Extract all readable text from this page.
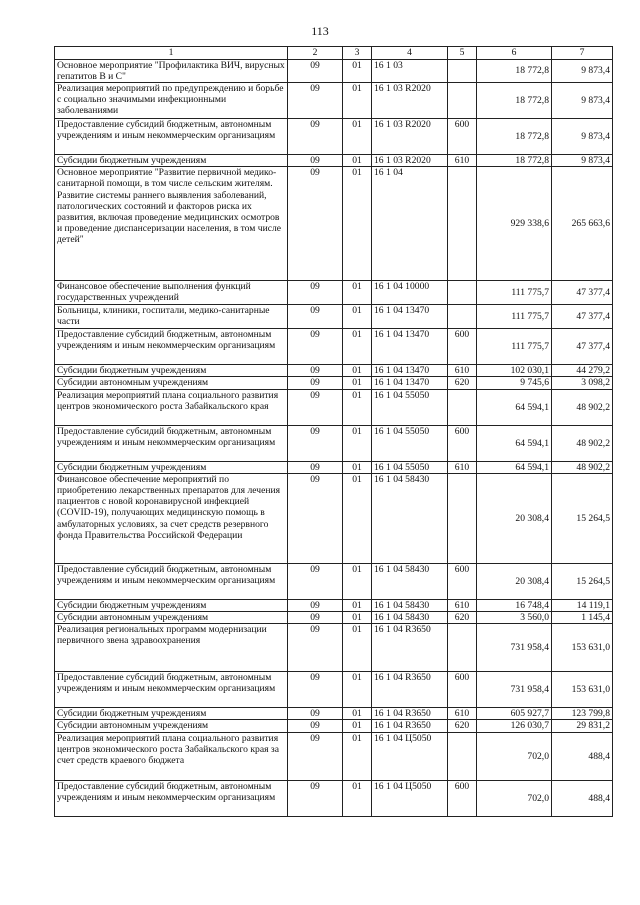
113
1	2	3	4	5	6	7

Основное мероприятие "Профилактика ВИЧ, вирусных гепатитов В и С"	09	01	16 1 03		18 772,8	9 873,4

Реализация мероприятий по предупреждению и борьбе с социально значимыми инфекционными заболеваниями	09	01	16 1 03 R2020		18 772,8	9 873,4

Предоставление субсидий бюджетным, автономным учреждениям и иным некоммерческим организациям	09	01	16 1 03 R2020	600	18 772,8	9 873,4

Субсидии бюджетным учреждениям	09	01	16 1 03 R2020	610	18 772,8	9 873,4

Основное мероприятие "Развитие первичной медико-санитарной помощи, в том числе сельским жителям. Развитие системы раннего выявления заболеваний, патологических состояний и факторов риска их развития, включая проведение медицинских осмотров и проведение диспансеризации населения, в том числе детей"	09	01	16 1 04		929 338,6	265 663,6

Финансовое обеспечение выполнения функций государственных учреждений	09	01	16 1 04 10000		111 775,7	47 377,4

Больницы, клиники, госпитали, медико-санитарные части	09	01	16 1 04 13470		111 775,7	47 377,4

Предоставление субсидий бюджетным, автономным учреждениям и иным некоммерческим организациям	09	01	16 1 04 13470	600	111 775,7	47 377,4

Субсидии бюджетным учреждениям	09	01	16 1 04 13470	610	102 030,1	44 279,2

Субсидии автономным учреждениям	09	01	16 1 04 13470	620	9 745,6	3 098,2

Реализация мероприятий плана социального развития центров экономического роста Забайкальского края	09	01	16 1 04 55050		64 594,1	48 902,2

Предоставление субсидий бюджетным, автономным учреждениям и иным некоммерческим организациям	09	01	16 1 04 55050	600	64 594,1	48 902,2

Субсидии бюджетным учреждениям	09	01	16 1 04 55050	610	64 594,1	48 902,2

Финансовое обеспечение мероприятий по приобретению лекарственных препаратов для лечения пациентов с новой коронавирусной инфекцией (COVID-19), получающих медицинскую помощь в амбулаторных условиях, за счет средств резервного фонда Правительства Российской Федерации	09	01	16 1 04 58430		20 308,4	15 264,5

Предоставление субсидий бюджетным, автономным учреждениям и иным некоммерческим организациям	09	01	16 1 04 58430	600	20 308,4	15 264,5

Субсидии бюджетным учреждениям	09	01	16 1 04 58430	610	16 748,4	14 119,1

Субсидии автономным учреждениям	09	01	16 1 04 58430	620	3 560,0	1 145,4

Реализация региональных программ модернизации первичного звена здравоохранения	09	01	16 1 04 R3650		731 958,4	153 631,0

Предоставление субсидий бюджетным, автономным учреждениям и иным некоммерческим организациям	09	01	16 1 04 R3650	600	731 958,4	153 631,0

Субсидии бюджетным учреждениям	09	01	16 1 04 R3650	610	605 927,7	123 799,8

Субсидии автономным учреждениям	09	01	16 1 04 R3650	620	126 030,7	29 831,2

Реализация мероприятий плана социального развития центров экономического роста Забайкальского края за счет средств краевого бюджета	09	01	16 1 04 Ц5050		702,0	488,4

Предоставление субсидий бюджетным, автономным учреждениям и иным некоммерческим организациям	09	01	16 1 04 Ц5050	600	702,0	488,4
